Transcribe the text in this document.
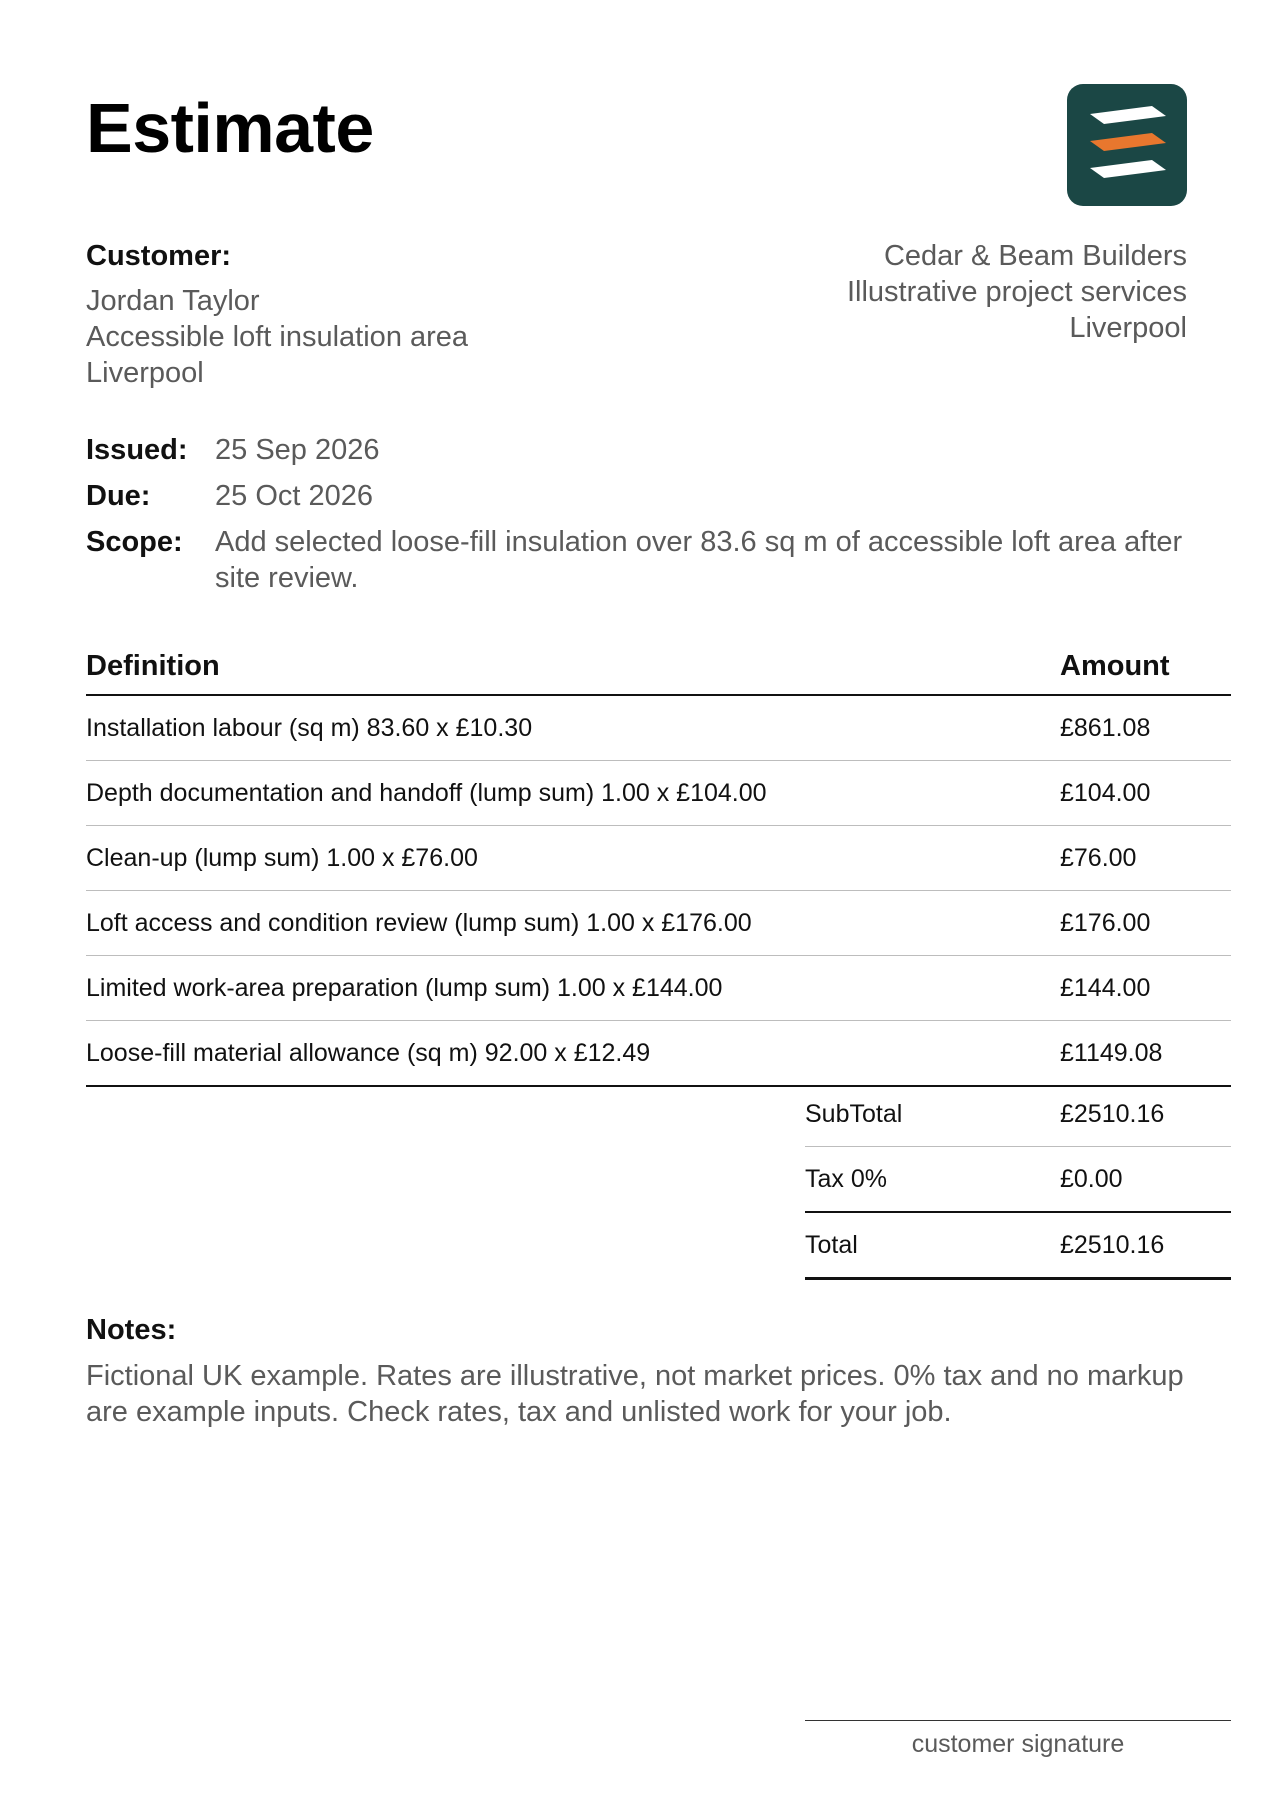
Estimate
Customer:
Jordan Taylor
Accessible loft insulation area
Liverpool
Cedar & Beam Builders
Illustrative project services
Liverpool
Issued: 25 Sep 2026
Due:	25 Oct 2026
Scope:	Add selected loose-fill insulation over 83.6 sq m of accessible loft area after site review.
Definition	Amount
Installation labour (sq m) 83.60 x £10.30	£861.08
Depth documentation and handoff (lump sum) 1.00 x £104.00	£104.00
Clean-up (lump sum) 1.00 x £76.00	£76.00
Loft access and condition review (lump sum) 1.00 x £176.00	£176.00
Limited work-area preparation (lump sum) 1.00 x £144.00	£144.00
Loose-fill material allowance (sq m) 92.00 x £12.49	£1149.08
SubTotal	£2510.16
Tax 0%	£0.00
Total	£2510.16
Notes:
Fictional UK example. Rates are illustrative, not market prices. 0% tax and no markup are example inputs. Check rates, tax and unlisted work for your job.
customer signature
